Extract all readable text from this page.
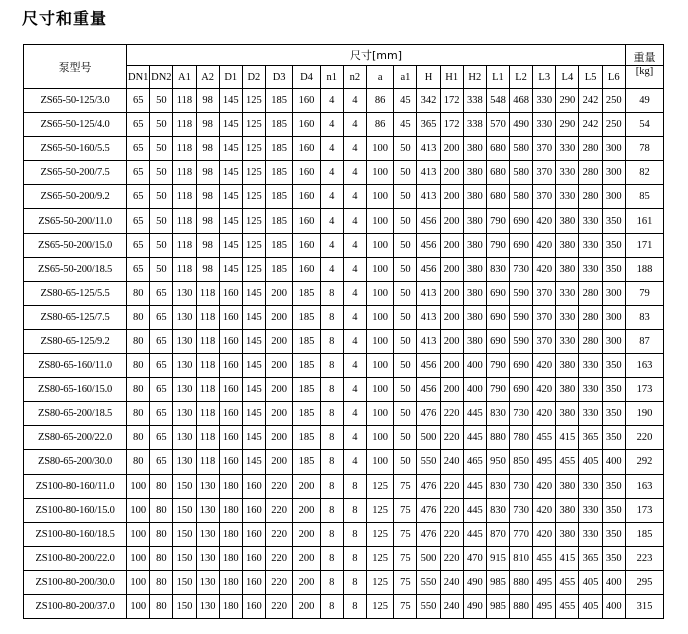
尺寸和重量
泵型号	尺寸[mm]																					重量
	DN1	DN2	A1	A2	D1	D2	D3	D4	n1	n2	a	a1	H	H1	H2	L1	L2	L3	L4	L5	L6	[kg]
ZS65-50-125/3.0	65	50	118	98	145	125	185	160	4	4	86	45	342	172	338	548	468	330	290	242	250	49
ZS65-50-125/4.0	65	50	118	98	145	125	185	160	4	4	86	45	365	172	338	570	490	330	290	242	250	54
ZS65-50-160/5.5	65	50	118	98	145	125	185	160	4	4	100	50	413	200	380	680	580	370	330	280	300	78
ZS65-50-200/7.5	65	50	118	98	145	125	185	160	4	4	100	50	413	200	380	680	580	370	330	280	300	82
ZS65-50-200/9.2	65	50	118	98	145	125	185	160	4	4	100	50	413	200	380	680	580	370	330	280	300	85
ZS65-50-200/11.0	65	50	118	98	145	125	185	160	4	4	100	50	456	200	380	790	690	420	380	330	350	161
ZS65-50-200/15.0	65	50	118	98	145	125	185	160	4	4	100	50	456	200	380	790	690	420	380	330	350	171
ZS65-50-200/18.5	65	50	118	98	145	125	185	160	4	4	100	50	456	200	380	830	730	420	380	330	350	188
ZS80-65-125/5.5	80	65	130	118	160	145	200	185	8	4	100	50	413	200	380	690	590	370	330	280	300	79
ZS80-65-125/7.5	80	65	130	118	160	145	200	185	8	4	100	50	413	200	380	690	590	370	330	280	300	83
ZS80-65-125/9.2	80	65	130	118	160	145	200	185	8	4	100	50	413	200	380	690	590	370	330	280	300	87
ZS80-65-160/11.0	80	65	130	118	160	145	200	185	8	4	100	50	456	200	400	790	690	420	380	330	350	163
ZS80-65-160/15.0	80	65	130	118	160	145	200	185	8	4	100	50	456	200	400	790	690	420	380	330	350	173
ZS80-65-200/18.5	80	65	130	118	160	145	200	185	8	4	100	50	476	220	445	830	730	420	380	330	350	190
ZS80-65-200/22.0	80	65	130	118	160	145	200	185	8	4	100	50	500	220	445	880	780	455	415	365	350	220
ZS80-65-200/30.0	80	65	130	118	160	145	200	185	8	4	100	50	550	240	465	950	850	495	455	405	400	292
ZS100-80-160/11.0	100	80	150	130	180	160	220	200	8	8	125	75	476	220	445	830	730	420	380	330	350	163
ZS100-80-160/15.0	100	80	150	130	180	160	220	200	8	8	125	75	476	220	445	830	730	420	380	330	350	173
ZS100-80-160/18.5	100	80	150	130	180	160	220	200	8	8	125	75	476	220	445	870	770	420	380	330	350	185
ZS100-80-200/22.0	100	80	150	130	180	160	220	200	8	8	125	75	500	220	470	915	810	455	415	365	350	223
ZS100-80-200/30.0	100	80	150	130	180	160	220	200	8	8	125	75	550	240	490	985	880	495	455	405	400	295
ZS100-80-200/37.0	100	80	150	130	180	160	220	200	8	8	125	75	550	240	490	985	880	495	455	405	400	315
